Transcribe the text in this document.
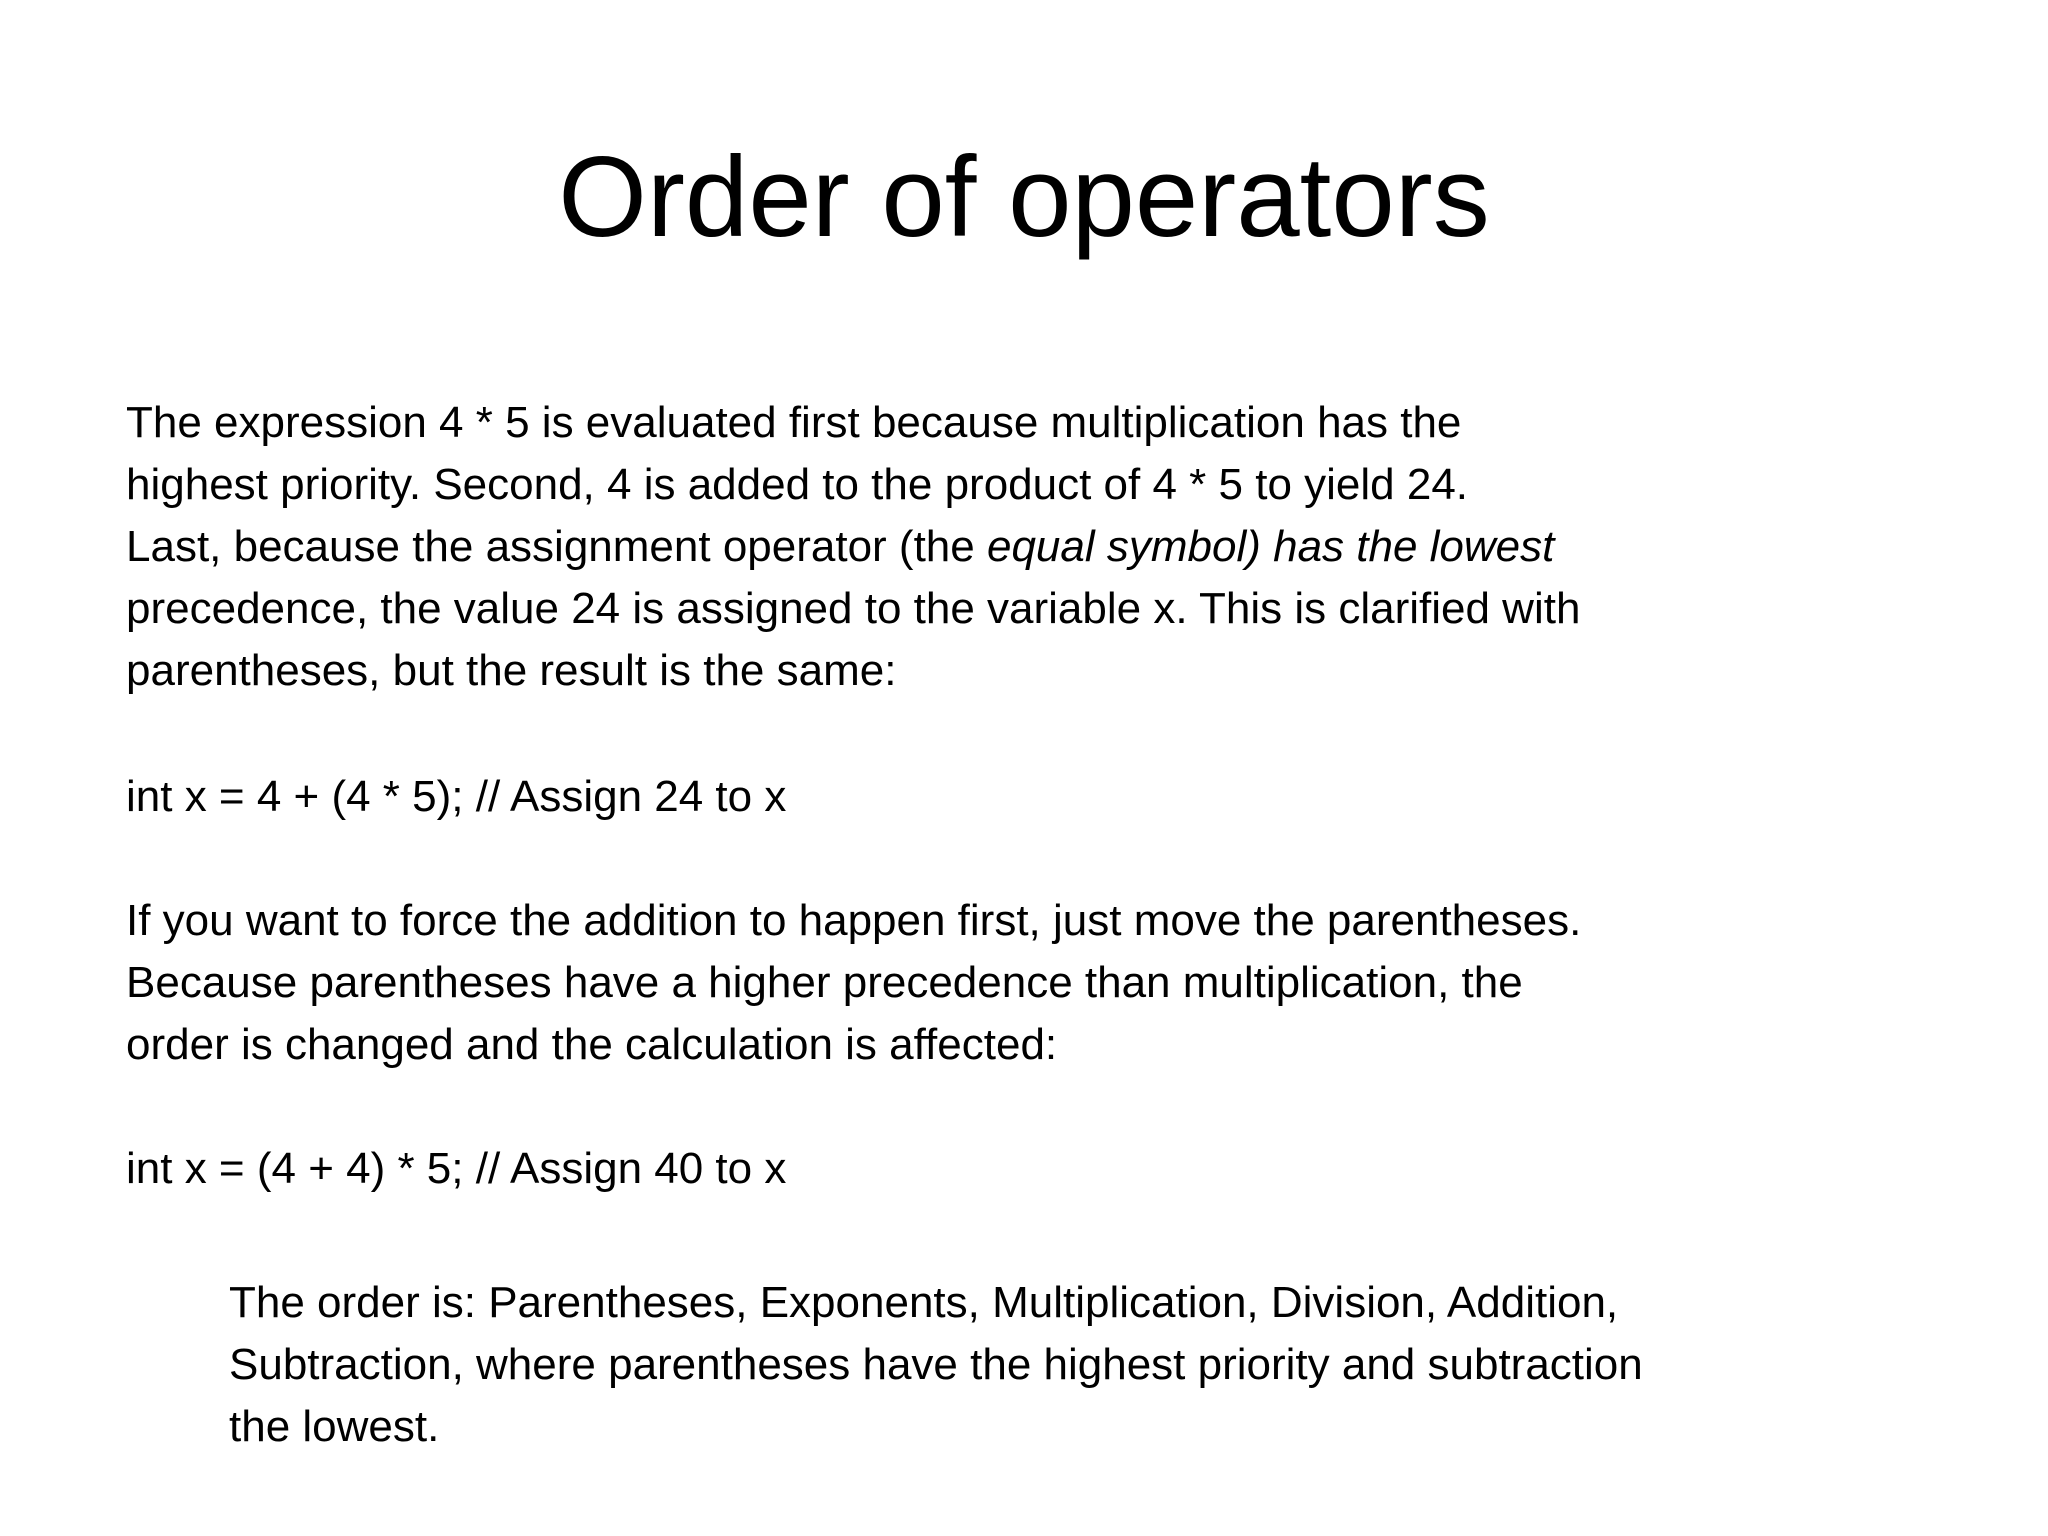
Order of operators

The expression 4 * 5 is evaluated first because multiplication has the
highest priority. Second, 4 is added to the product of 4 * 5 to yield 24.
Last, because the assignment operator (the equal symbol) has the lowest
precedence, the value 24 is assigned to the variable x. This is clarified with
parentheses, but the result is the same:

int x = 4 + (4 * 5); // Assign 24 to x

If you want to force the addition to happen first, just move the parentheses.
Because parentheses have a higher precedence than multiplication, the
order is changed and the calculation is affected:

int x = (4 + 4) * 5; // Assign 40 to x

The order is: Parentheses, Exponents, Multiplication, Division, Addition,
Subtraction, where parentheses have the highest priority and subtraction
the lowest.
